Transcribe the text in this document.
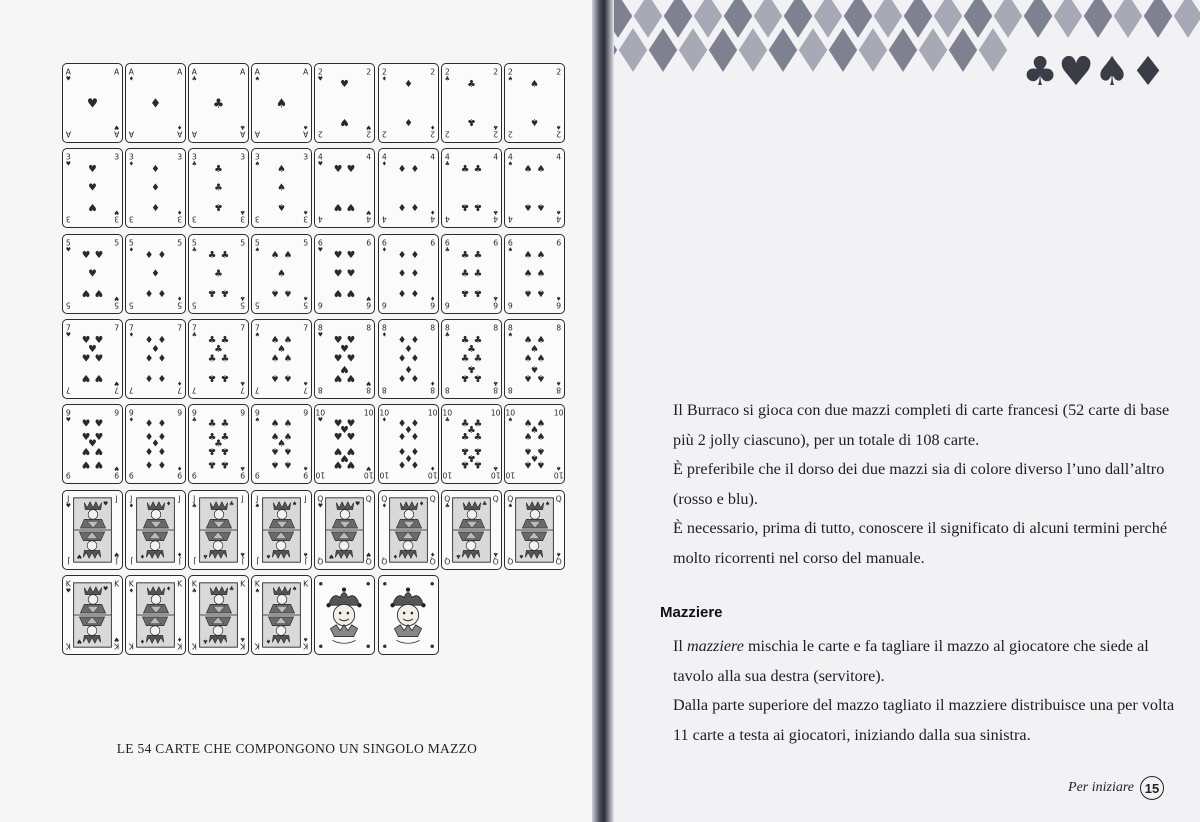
A
♥
A
A
♥
A
♥
A
♦
A
A
♦
A
♦
A
♣
A
A
♣
A
♣
A
♠
A
A
♠
A
♠
2
♥
2
2
♥
2
♥
♥
2
♦
2
2
♦
2
♦
♦
2
♣
2
2
♣
2
♣
♣
2
♠
2
2
♠
2
♠
♠
3
♥
3
3
♥
3
♥
♥
♥
3
♦
3
3
♦
3
♦
♦
♦
3
♣
3
3
♣
3
♣
♣
♣
3
♠
3
3
♠
3
♠
♠
♠
4
♥
4
4
♥
4
♥ ♥
♥ ♥
4
♦
4
4
♦
4
♦ ♦
♦ ♦
4
♣
4
4
♣
4
♣ ♣
♣ ♣
4
♠
4
4
♠
4
♠ ♠
♠ ♠
5
♥
5
5
♥
5
♥ ♥
♥
♥ ♥
5
♦
5
5
♦
5
♦ ♦
♦
♦ ♦
5
♣
5
5
♣
5
♣ ♣
♣
♣ ♣
5
♠
5
5
♠
5
♠ ♠
♠
♠ ♠
6
♥
6
6
♥
6
♥ ♥
♥ ♥
♥ ♥
6
♦
6
6
♦
6
♦ ♦
♦ ♦
♦ ♦
6
♣
6
6
♣
6
♣ ♣
♣ ♣
♣ ♣
6
♠
6
6
♠
6
♠ ♠
♠ ♠
♠ ♠
7
♥
7
7
♥
7
♥ ♥
♥
♥ ♥
♥ ♥
7
♦
7
7
♦
7
♦ ♦
♦
♦ ♦
♦ ♦
7
♣
7
7
♣
7
♣ ♣
♣
♣ ♣
♣ ♣
7
♠
7
7
♠
7
♠ ♠
♠
♠ ♠
♠ ♠
8
♥
8
8
♥
8
♥ ♥
♥
♥ ♥
♥
♥ ♥
8
♦
8
8
♦
8
♦ ♦
♦
♦ ♦
♦
♦ ♦
8
♣
8
8
♣
8
♣ ♣
♣
♣ ♣
♣
♣ ♣
8
♠
8
8
♠
8
♠ ♠
♠
♠ ♠
♠
♠ ♠
9
♥
9
9
♥
9
♥ ♥
♥ ♥
♥
♥ ♥
♥ ♥
9
♦
9
9
♦
9
♦ ♦
♦ ♦
♦
♦ ♦
♦ ♦
9
♣
9
9
♣
9
♣ ♣
♣ ♣
♣
♣ ♣
♣ ♣
9
♠
9
9
♠
9
♠ ♠
♠ ♠
♠
♠ ♠
♠ ♠
10
♥
10
10
♥
10
♥ ♥
♥
♥ ♥
♥ ♥
♥
♥ ♥
10
♦
10
10
♦
10
♦ ♦
♦
♦ ♦
♦ ♦
♦
♦ ♦
10
♣
10
10
♣
10
♣ ♣
♣
♣ ♣
♣ ♣
♣
♣ ♣
10
♠
10
10
♠
10
♠ ♠
♠
♠ ♠
♠ ♠
♠
♠ ♠
J
♥
J
J
♥
J
♥
♥
J
♦
J
J
♦
J
♦
♦
J
♣
J
J
♣
J
♣
♣
J
♠
J
J
♠
J
♠
♠
Q
♥
Q
Q
♥
Q
♥
♥
Q
♦
Q
Q
♦
Q
♦
♦
Q
♣
Q
Q
♣
Q
♣
♣
Q
♠
Q
Q
♠
Q
♠
♠
K
♥
K
K
♥
K
♥
♥
K
♦
K
K
♦
K
♦
♦
K
♣
K
K
♣
K
♣
♣
K
♠
K
K
♠
K
♠
♠
LE 54 CARTE CHE COMPONGONO UN SINGOLO MAZZO
♣ ♥ ♠ ♦

Il Burraco si gioca con due mazzi completi di carte francesi (52 carte di base più 2 jolly ciascuno), per un totale di 108 carte.

È preferibile che il dorso dei due mazzi sia di colore diverso l’uno dall’altro (rosso e blu).

È necessario, prima di tutto, conoscere il significato di alcuni termini perché molto ricorrenti nel corso del manuale.

Mazziere

Il mazziere mischia le carte e fa tagliare il mazzo al giocatore che siede al tavolo alla sua destra (servitore).

Dalla parte superiore del mazzo tagliato il mazziere distribuisce una per volta 11 carte a testa ai giocatori, iniziando dalla sua sinistra.

Per iniziare 15
